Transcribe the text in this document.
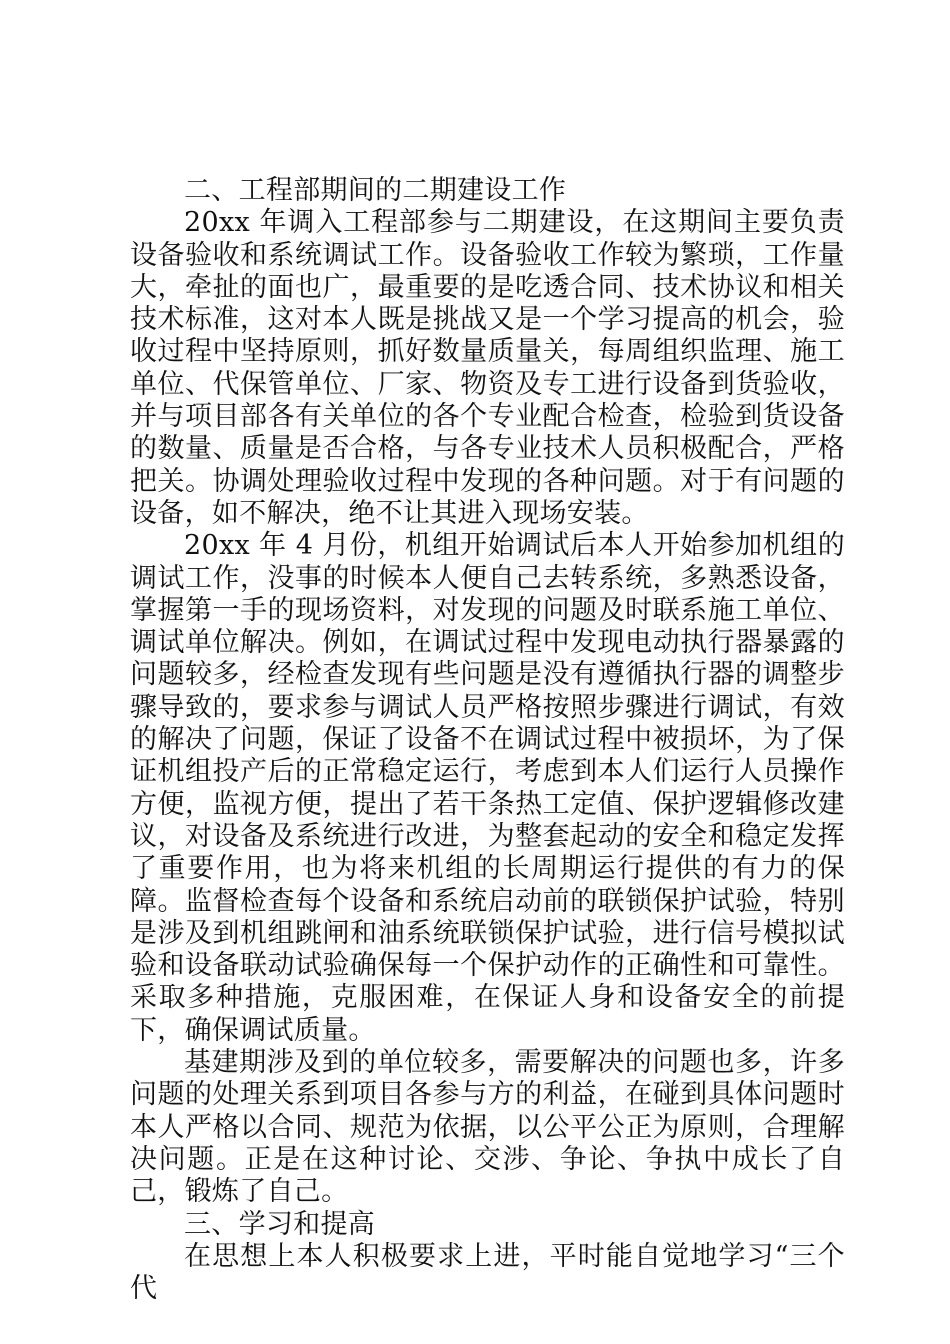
二、工程部期间的二期建设工作

20xx 年调入工程部参与二期建设，在这期间主要负责设备验收和系统调试工作。设备验收工作较为繁琐，工作量大，牵扯的面也广，最重要的是吃透合同、技术协议和相关技术标准，这对本人既是挑战又是一个学习提高的机会，验收过程中坚持原则，抓好数量质量关，每周组织监理、施工单位、代保管单位、厂家、物资及专工进行设备到货验收，并与项目部各有关单位的各个专业配合检查，检验到货设备的数量、质量是否合格，与各专业技术人员积极配合，严格把关。协调处理验收过程中发现的各种问题。对于有问题的设备，如不解决，绝不让其进入现场安装。

20xx 年 4 月份，机组开始调试后本人开始参加机组的调试工作，没事的时候本人便自己去转系统，多熟悉设备，掌握第一手的现场资料，对发现的问题及时联系施工单位、调试单位解决。例如，在调试过程中发现电动执行器暴露的问题较多，经检查发现有些问题是没有遵循执行器的调整步骤导致的，要求参与调试人员严格按照步骤进行调试，有效的解决了问题，保证了设备不在调试过程中被损坏，为了保证机组投产后的正常稳定运行，考虑到本人们运行人员操作方便，监视方便，提出了若干条热工定值、保护逻辑修改建议，对设备及系统进行改进，为整套起动的安全和稳定发挥了重要作用，也为将来机组的长周期运行提供的有力的保障。监督检查每个设备和系统启动前的联锁保护试验，特别是涉及到机组跳闸和油系统联锁保护试验，进行信号模拟试验和设备联动试验确保每一个保护动作的正确性和可靠性。采取多种措施，克服困难，在保证人身和设备安全的前提下，确保调试质量。

基建期涉及到的单位较多，需要解决的问题也多，许多问题的处理关系到项目各参与方的利益，在碰到具体问题时本人严格以合同、规范为依据，以公平公正为原则，合理解决问题。正是在这种讨论、交涉、争论、争执中成长了自己，锻炼了自己。

三、学习和提高

在思想上本人积极要求上进，平时能自觉地学习“三个代
